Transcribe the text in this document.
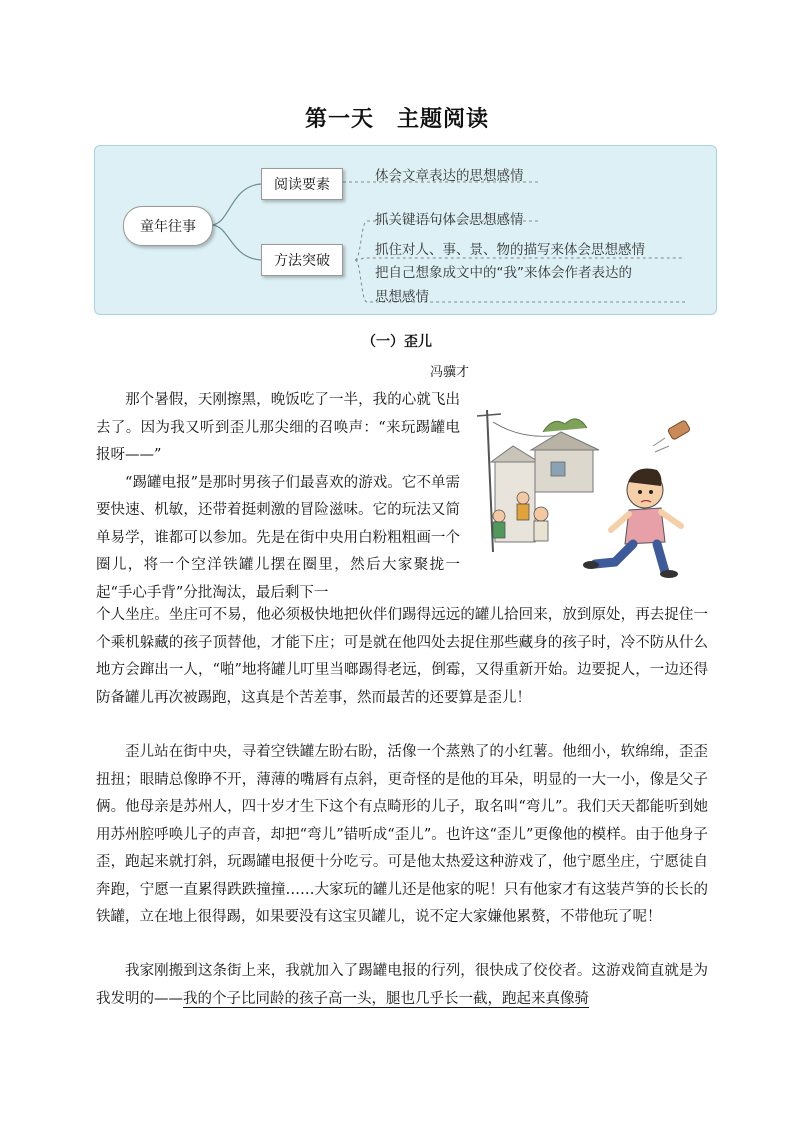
第一天　主题阅读
童年往事
阅读要素
方法突破
体会文章表达的思想感情
抓关键语句体会思想感情
抓住对人、事、景、物的描写来体会思想感情
把自己想象成文中的“我”来体会作者表达的
思想感情
（一）歪儿
冯骥才

那个暑假，天刚擦黑，晚饭吃了一半，我的心就飞出去了。因为我又听到歪儿那尖细的召唤声：“来玩踢罐电报呀——”
“踢罐电报”是那时男孩子们最喜欢的游戏。它不单需要快速、机敏，还带着挺刺激的冒险滋味。它的玩法又简单易学，谁都可以参加。先是在街中央用白粉粗粗画一个圈儿，将一个空洋铁罐儿摆在圈里，然后大家聚拢一起“手心手背”分批淘汰，最后剩下一

个人坐庄。坐庄可不易，他必须极快地把伙伴们踢得远远的罐儿拾回来，放到原处，再去捉住一个乘机躲藏的孩子顶替他，才能下庄；可是就在他四处去捉住那些藏身的孩子时，冷不防从什么地方会蹿出一人，“啪”地将罐儿叮里当啷踢得老远，倒霉，又得重新开始。边要捉人，一边还得防备罐儿再次被踢跑，这真是个苦差事，然而最苦的还要算是歪儿！

歪儿站在街中央，寻着空铁罐左盼右盼，活像一个蒸熟了的小红薯。他细小，软绵绵，歪歪扭扭；眼睛总像睁不开，薄薄的嘴唇有点斜，更奇怪的是他的耳朵，明显的一大一小，像是父子俩。他母亲是苏州人，四十岁才生下这个有点畸形的儿子，取名叫“弯儿”。我们天天都能听到她用苏州腔呼唤儿子的声音，却把“弯儿”错听成“歪儿”。也许这“歪儿”更像他的模样。由于他身子歪，跑起来就打斜，玩踢罐电报便十分吃亏。可是他太热爱这种游戏了，他宁愿坐庄，宁愿徒自奔跑，宁愿一直累得跌跌撞撞……大家玩的罐儿还是他家的呢！只有他家才有这装芦笋的长长的铁罐，立在地上很得踢，如果要没有这宝贝罐儿，说不定大家嫌他累赘，不带他玩了呢！

我家刚搬到这条街上来，我就加入了踢罐电报的行列，很快成了佼佼者。这游戏简直就是为我发明的——我的个子比同龄的孩子高一头，腿也几乎长一截，跑起来真像骑
